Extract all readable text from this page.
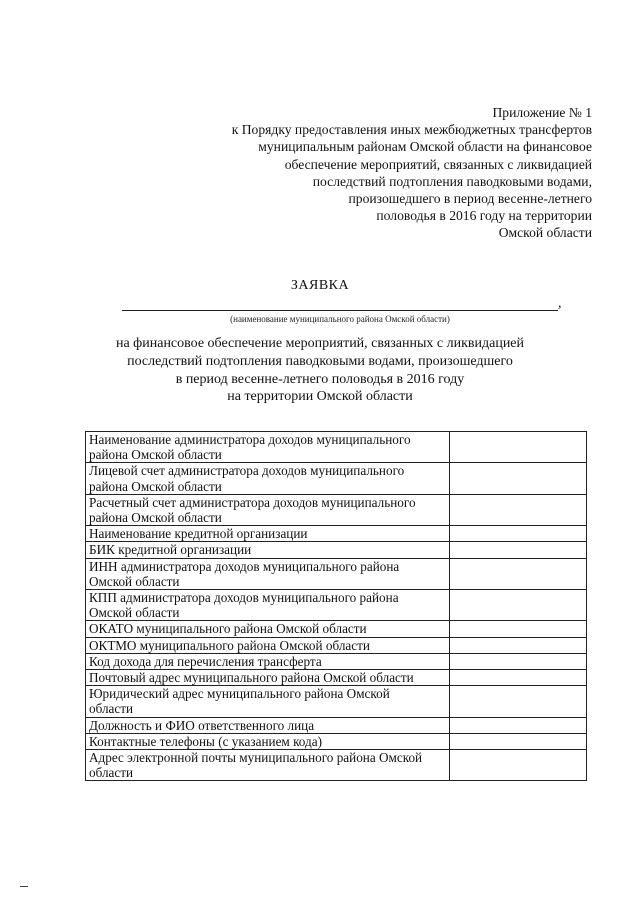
Приложение № 1
к Порядку предоставления иных межбюджетных трансфертов
муниципальным районам Омской области на финансовое
обеспечение мероприятий, связанных с ликвидацией
последствий подтопления паводковыми водами,
произошедшего в период весенне-летнего
половодья в 2016 году на территории
Омской области
ЗАЯВКА
,
(наименование муниципального района Омской области)
на финансовое обеспечение мероприятий, связанных с ликвидацией
последствий подтопления паводковыми водами, произошедшего
в период весенне-летнего половодья в 2016 году
на территории Омской области
Наименование администратора доходов муниципального
района Омской области	

Лицевой счет администратора доходов муниципального
района Омской области	

Расчетный счет администратора доходов муниципального
района Омской области	

Наименование кредитной организации	

БИК кредитной организации	

ИНН администратора доходов муниципального района
Омской области	

КПП администратора доходов муниципального района
Омской области	

ОКАТО муниципального района Омской области	

ОКТМО муниципального района Омской области	

Код дохода для перечисления трансферта	

Почтовый адрес муниципального района Омской области	

Юридический адрес муниципального района Омской
области	

Должность и ФИО ответственного лица	

Контактные телефоны (с указанием кода)	

Адрес электронной почты муниципального района Омской
области	
